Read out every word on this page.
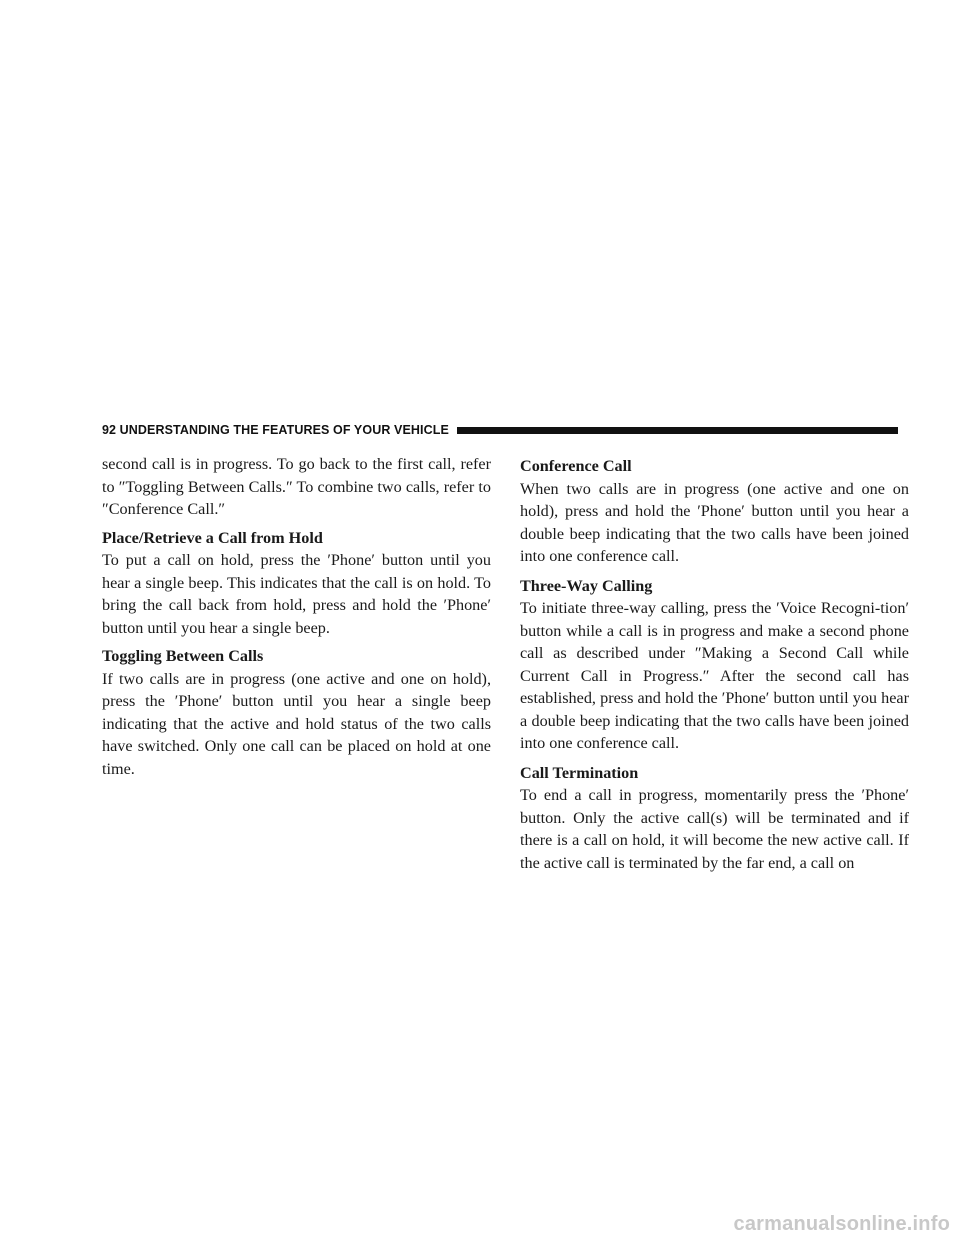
92 UNDERSTANDING THE FEATURES OF YOUR VEHICLE

second call is in progress. To go back to the first call, refer to ″Toggling Between Calls.″ To combine two calls, refer to ″Conference Call.″

Place/Retrieve a Call from Hold

To put a call on hold, press the ′Phone′ button until you hear a single beep. This indicates that the call is on hold. To bring the call back from hold, press and hold the ′Phone′ button until you hear a single beep.

Toggling Between Calls

If two calls are in progress (one active and one on hold), press the ′Phone′ button until you hear a single beep indicating that the active and hold status of the two calls have switched. Only one call can be placed on hold at one time.

Conference Call

When two calls are in progress (one active and one on hold), press and hold the ′Phone′ button until you hear a double beep indicating that the two calls have been joined into one conference call.

Three-Way Calling

To initiate three-way calling, press the ′Voice Recogni-tion′ button while a call is in progress and make a second phone call as described under ″Making a Second Call while Current Call in Progress.″ After the second call has established, press and hold the ′Phone′ button until you hear a double beep indicating that the two calls have been joined into one conference call.

Call Termination

To end a call in progress, momentarily press the ′Phone′ button. Only the active call(s) will be terminated and if there is a call on hold, it will become the new active call. If the active call is terminated by the far end, a call on

carmanualsonline.info
